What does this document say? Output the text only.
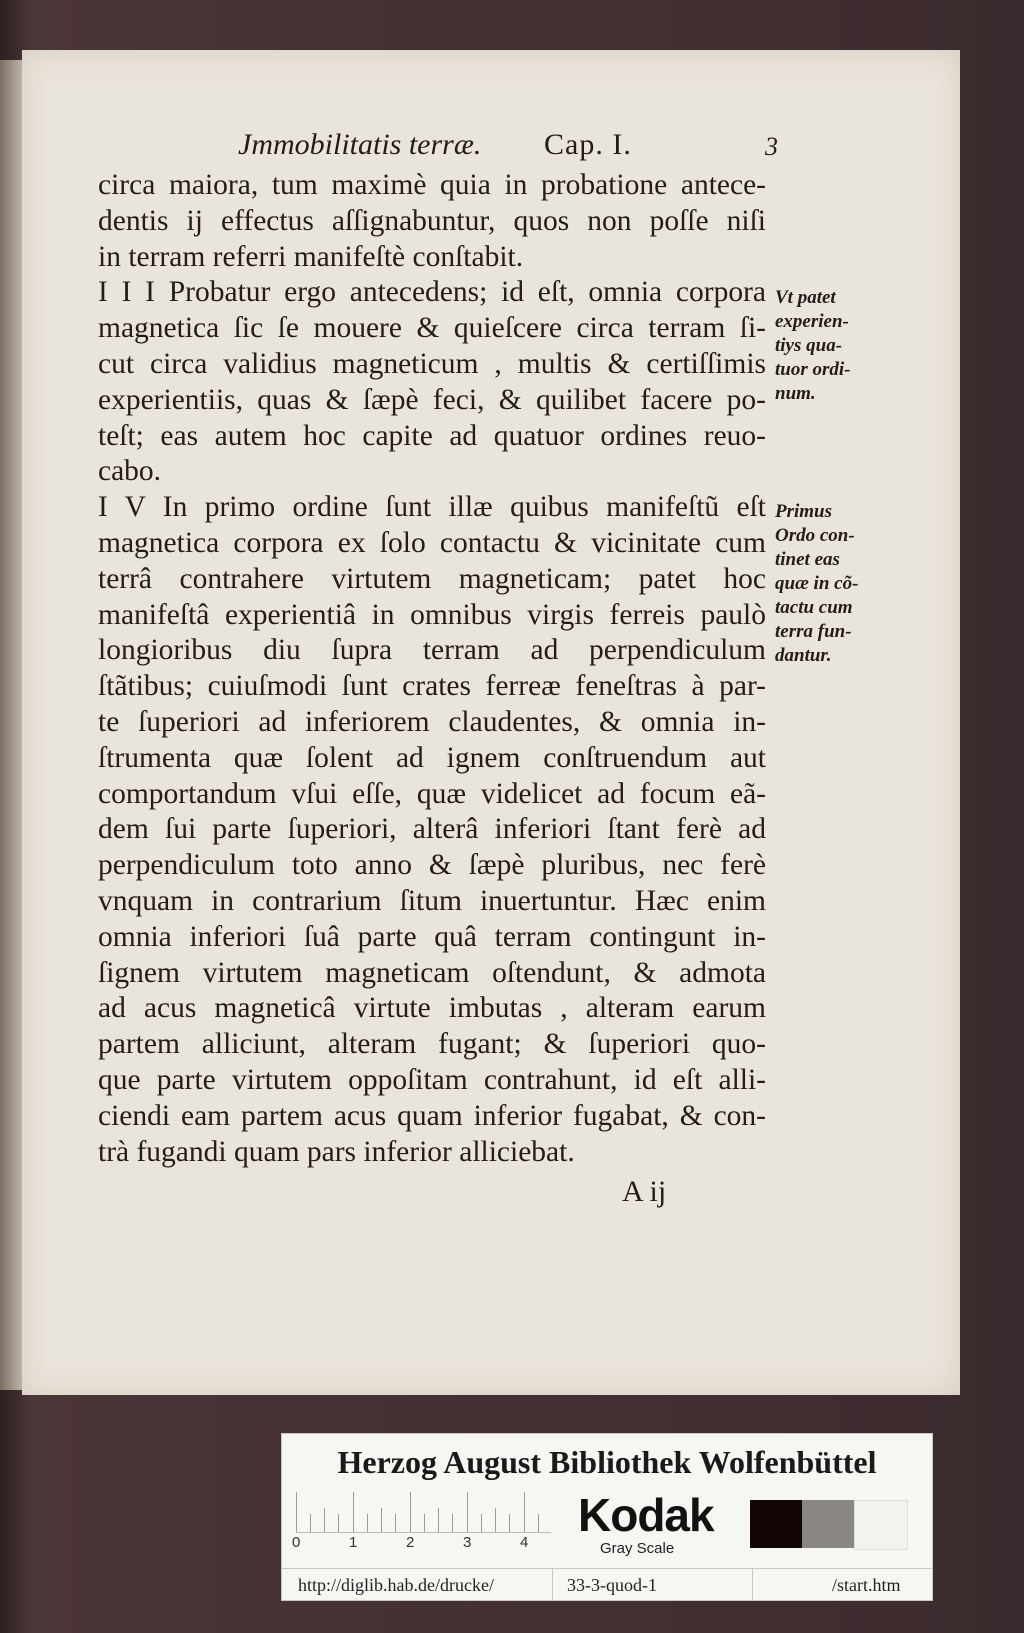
Jmmobilitatis terræ. Cap. I.	3
circa maiora, tum maximè quia in probatione antece-
dentis ij effectus aſſignabuntur, quos non poſſe niſi
in terram referri manifeſtè conſtabit.
I I I Probatur ergo antecedens; id eſt, omnia corpora
magnetica ſic ſe mouere & quieſcere circa terram ſi-
cut circa validius magneticum , multis & certiſſimis
experientiis, quas & ſæpè feci, & quilibet facere po-
teſt; eas autem hoc capite ad quatuor ordines reuo-
cabo.
I V In primo ordine ſunt illæ quibus manifeſtũ eſt
magnetica corpora ex ſolo contactu & vicinitate cum
terrâ contrahere virtutem magneticam; patet hoc
manifeſtâ experientiâ in omnibus virgis ferreis paulò
longioribus diu ſupra terram ad perpendiculum
ſtãtibus; cuiuſmodi ſunt crates ferreæ feneſtras à par-
te ſuperiori ad inferiorem claudentes, & omnia in-
ſtrumenta quæ ſolent ad ignem conſtruendum aut
comportandum vſui eſſe, quæ videlicet ad focum eã-
dem ſui parte ſuperiori, alterâ inferiori ſtant ferè ad
perpendiculum toto anno & ſæpè pluribus, nec ferè
vnquam in contrarium ſitum inuertuntur. Hæc enim
omnia inferiori ſuâ parte quâ terram contingunt in-
ſignem virtutem magneticam oſtendunt, & admota
ad acus magneticâ virtute imbutas , alteram earum
partem alliciunt, alteram fugant; & ſuperiori quo-
que parte virtutem oppoſitam contrahunt, id eſt alli-
ciendi eam partem acus quam inferior fugabat, & con-
trà fugandi quam pars inferior alliciebat.
Vt patet
experien-
tiys qua-
tuor ordi-
num.
Primus
Ordo con-
tinet eas
quæ in cõ-
tactu cum
terra fun-
dantur.
A ij
Herzog August Bibliothek Wolfenbüttel
0	1	2	3	4
Kodak
Gray Scale
http://diglib.hab.de/drucke/	33-3-quod-1	/start.htm
